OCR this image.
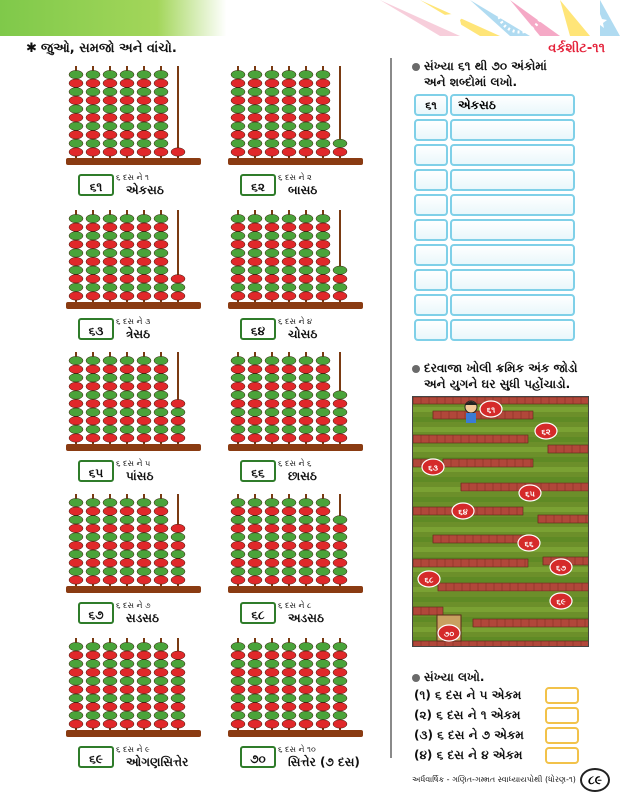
✱ જુઓ, સમજો અને વાંચો.	વર્કશીટ-૧૧
૬૧
૬ દસ ને ૧
એકસઠ	૬૨
૬ દસ ને ૨
બાસઠ
૬૩
૬ દસ ને ૩
ત્રેસઠ	૬૪
૬ દસ ને ૪
ચોસઠ
૬૫
૬ દસ ને ૫
પાંસઠ	૬૬
૬ દસ ને ૬
છાસઠ
૬૭
૬ દસ ને ૭
સડસઠ	૬૮
૬ દસ ને ૮
અડસઠ
૬૯
૬ દસ ને ૯
ઓગણસિત્તેર	૭૦
૬ દસ ને ૧૦
સિત્તેર (૭ દસ)
સંખ્યા ૬૧ થી ૭૦ અંકોમાં
અને શબ્દોમાં લખો.
૬૧	એકસઠ
દરવાજા ખોલી ક્રમિક અંક જોડો
અને યુગને ઘર સુધી પહોંચાડો.
૬૧
૬૨
૬૩
૬૪
૬૫
૬૬
૬૭
૬૮
૬૯
૭૦
સંખ્યા લખો.
(૧) ૬ દસ ને ૫ એકમ
(૨) ૬ દસ ને ૧ એકમ
(૩) ૬ દસ ને ૭ એકમ
(૪) ૬ દસ ને ૪ એકમ
અર્ધવાર્ષિક - ગણિત-ગમ્મત સ્વાધ્યાયપોથી (ધોરણ-૧)	૮૯
